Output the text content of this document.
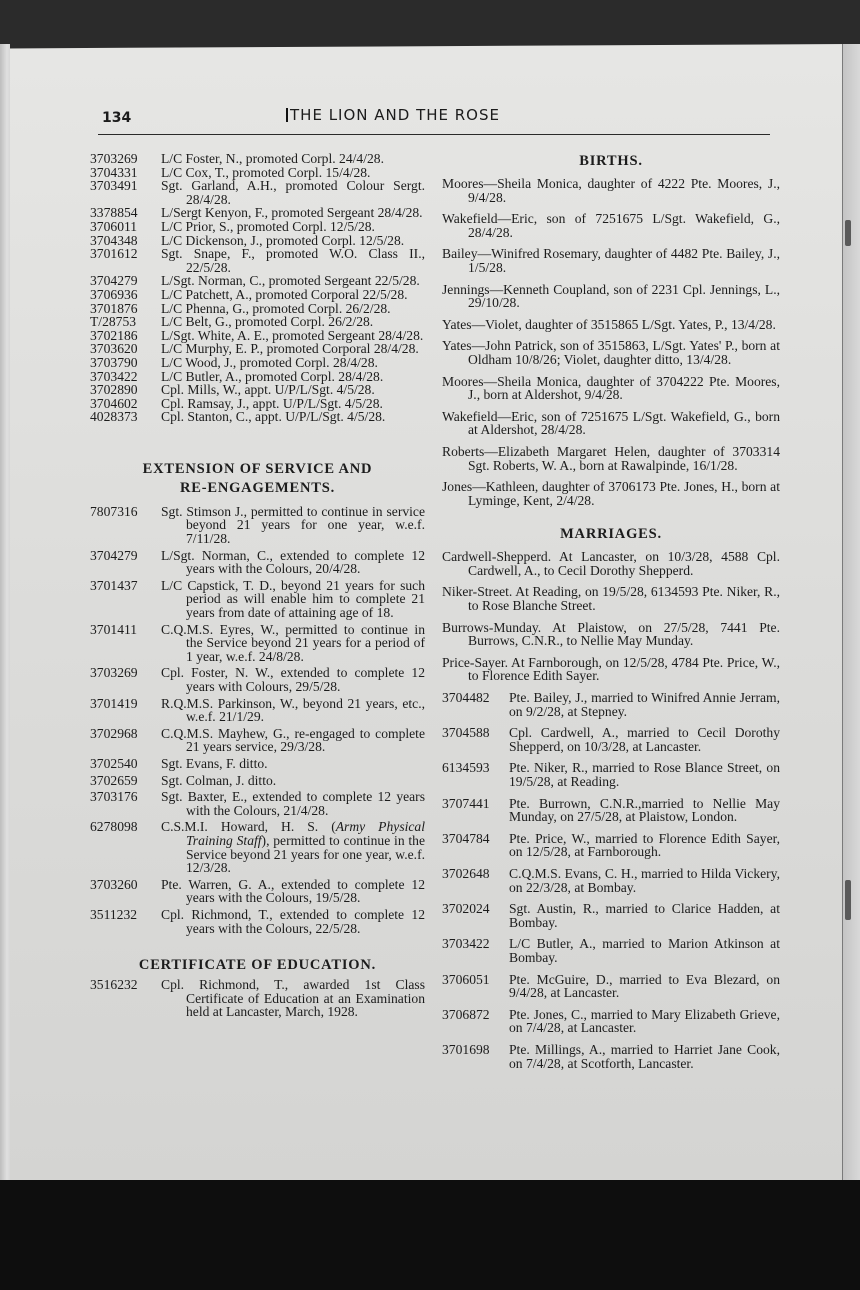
134	THE LION AND THE ROSE
3703269	L/C Foster, N., promoted Corpl. 24/4/28.
3704331	L/C Cox, T., promoted Corpl. 15/4/28.
3703491	Sgt. Garland, A.H., promoted Colour Sergt. 28/4/28.
3378854	L/Sergt Kenyon, F., promoted Sergeant 28/4/28.
3706011	L/C Prior, S., promoted Corpl. 12/5/28.
3704348	L/C Dickenson, J., promoted Corpl. 12/5/28.
3701612	Sgt. Snape, F., promoted W.O. Class II., 22/5/28.
3704279	L/Sgt. Norman, C., promoted Sergeant 22/5/28.
3706936	L/C Patchett, A., promoted Corporal 22/5/28.
3701876	L/C Phenna, G., promoted Corpl. 26/2/28.
T/28753	L/C Belt, G., promoted Corpl. 26/2/28.
3702186	L/Sgt. White, A. E., promoted Sergeant 28/4/28.
3703620	L/C Murphy, E. P., promoted Corporal 28/4/28.
3703790	L/C Wood, J., promoted Corpl. 28/4/28.
3703422	L/C Butler, A., promoted Corpl. 28/4/28.
3702890	Cpl. Mills, W., appt. U/P/L/Sgt. 4/5/28.
3704602	Cpl. Ramsay, J., appt. U/P/L/Sgt. 4/5/28.
4028373	Cpl. Stanton, C., appt. U/P/L/Sgt. 4/5/28.
EXTENSION OF SERVICE AND
RE-ENGAGEMENTS.
7807316	Sgt. Stimson J., permitted to continue in service beyond 21 years for one year, w.e.f. 7/11/28.
3704279	L/Sgt. Norman, C., extended to complete 12 years with the Colours, 20/4/28.
3701437	L/C Capstick, T. D., beyond 21 years for such period as will enable him to complete 21 years from date of attaining age of 18.
3701411	C.Q.M.S. Eyres, W., permitted to continue in the Service beyond 21 years for a period of 1 year, w.e.f. 24/8/28.
3703269	Cpl. Foster, N. W., extended to complete 12 years with Colours, 29/5/28.
3701419	R.Q.M.S. Parkinson, W., beyond 21 years, etc., w.e.f. 21/1/29.
3702968	C.Q.M.S. Mayhew, G., re-engaged to complete 21 years service, 29/3/28.
3702540	Sgt. Evans, F. ditto.
3702659	Sgt. Colman, J. ditto.
3703176	Sgt. Baxter, E., extended to complete 12 years with the Colours, 21/4/28.
6278098	C.S.M.I. Howard, H. S. (Army Physical Training Staff), permitted to continue in the Service beyond 21 years for one year, w.e.f. 12/3/28.
3703260	Pte. Warren, G. A., extended to complete 12 years with the Colours, 19/5/28.
3511232	Cpl. Richmond, T., extended to complete 12 years with the Colours, 22/5/28.
CERTIFICATE OF EDUCATION.
3516232	Cpl. Richmond, T., awarded 1st Class Certificate of Education at an Examination held at Lancaster, March, 1928.
BIRTHS.
Moores—Sheila Monica, daughter of 4222 Pte. Moores, J., 9/4/28.
Wakefield—Eric, son of 7251675 L/Sgt. Wakefield, G., 28/4/28.
Bailey—Winifred Rosemary, daughter of 4482 Pte. Bailey, J., 1/5/28.
Jennings—Kenneth Coupland, son of 2231 Cpl. Jennings, L., 29/10/28.
Yates—Violet, daughter of 3515865 L/Sgt. Yates, P., 13/4/28.
Yates—John Patrick, son of 3515863, L/Sgt. Yates' P., born at Oldham 10/8/26; Violet, daughter ditto, 13/4/28.
Moores—Sheila Monica, daughter of 3704222 Pte. Moores, J., born at Aldershot, 9/4/28.
Wakefield—Eric, son of 7251675 L/Sgt. Wakefield, G., born at Aldershot, 28/4/28.
Roberts—Elizabeth Margaret Helen, daughter of 3703314 Sgt. Roberts, W. A., born at Rawalpinde, 16/1/28.
Jones—Kathleen, daughter of 3706173 Pte. Jones, H., born at Lyminge, Kent, 2/4/28.
MARRIAGES.
Cardwell-Shepperd. At Lancaster, on 10/3/28, 4588 Cpl. Cardwell, A., to Cecil Dorothy Shepperd.
Niker-Street. At Reading, on 19/5/28, 6134593 Pte. Niker, R., to Rose Blanche Street.
Burrows-Munday. At Plaistow, on 27/5/28, 7441 Pte. Burrows, C.N.R., to Nellie May Munday.
Price-Sayer. At Farnborough, on 12/5/28, 4784 Pte. Price, W., to Florence Edith Sayer.
3704482 Pte. Bailey, J., married to Winifred Annie Jerram, on 9/2/28, at Stepney.
3704588 Cpl. Cardwell, A., married to Cecil Dorothy Shepperd, on 10/3/28, at Lancaster.
6134593 Pte. Niker, R., married to Rose Blance Street, on 19/5/28, at Reading.
3707441 Pte. Burrown, C.N.R.,married to Nellie May Munday, on 27/5/28, at Plaistow, London.
3704784 Pte. Price, W., married to Florence Edith Sayer, on 12/5/28, at Farnborough.
3702648 C.Q.M.S. Evans, C. H., married to Hilda Vickery, on 22/3/28, at Bombay.
3702024 Sgt. Austin, R., married to Clarice Hadden, at Bombay.
3703422 L/C Butler, A., married to Marion Atkinson at Bombay.
3706051 Pte. McGuire, D., married to Eva Blezard, on 9/4/28, at Lancaster.
3706872 Pte. Jones, C., married to Mary Elizabeth Grieve, on 7/4/28, at Lancaster.
3701698 Pte. Millings, A., married to Harriet Jane Cook, on 7/4/28, at Scotforth, Lancaster.
